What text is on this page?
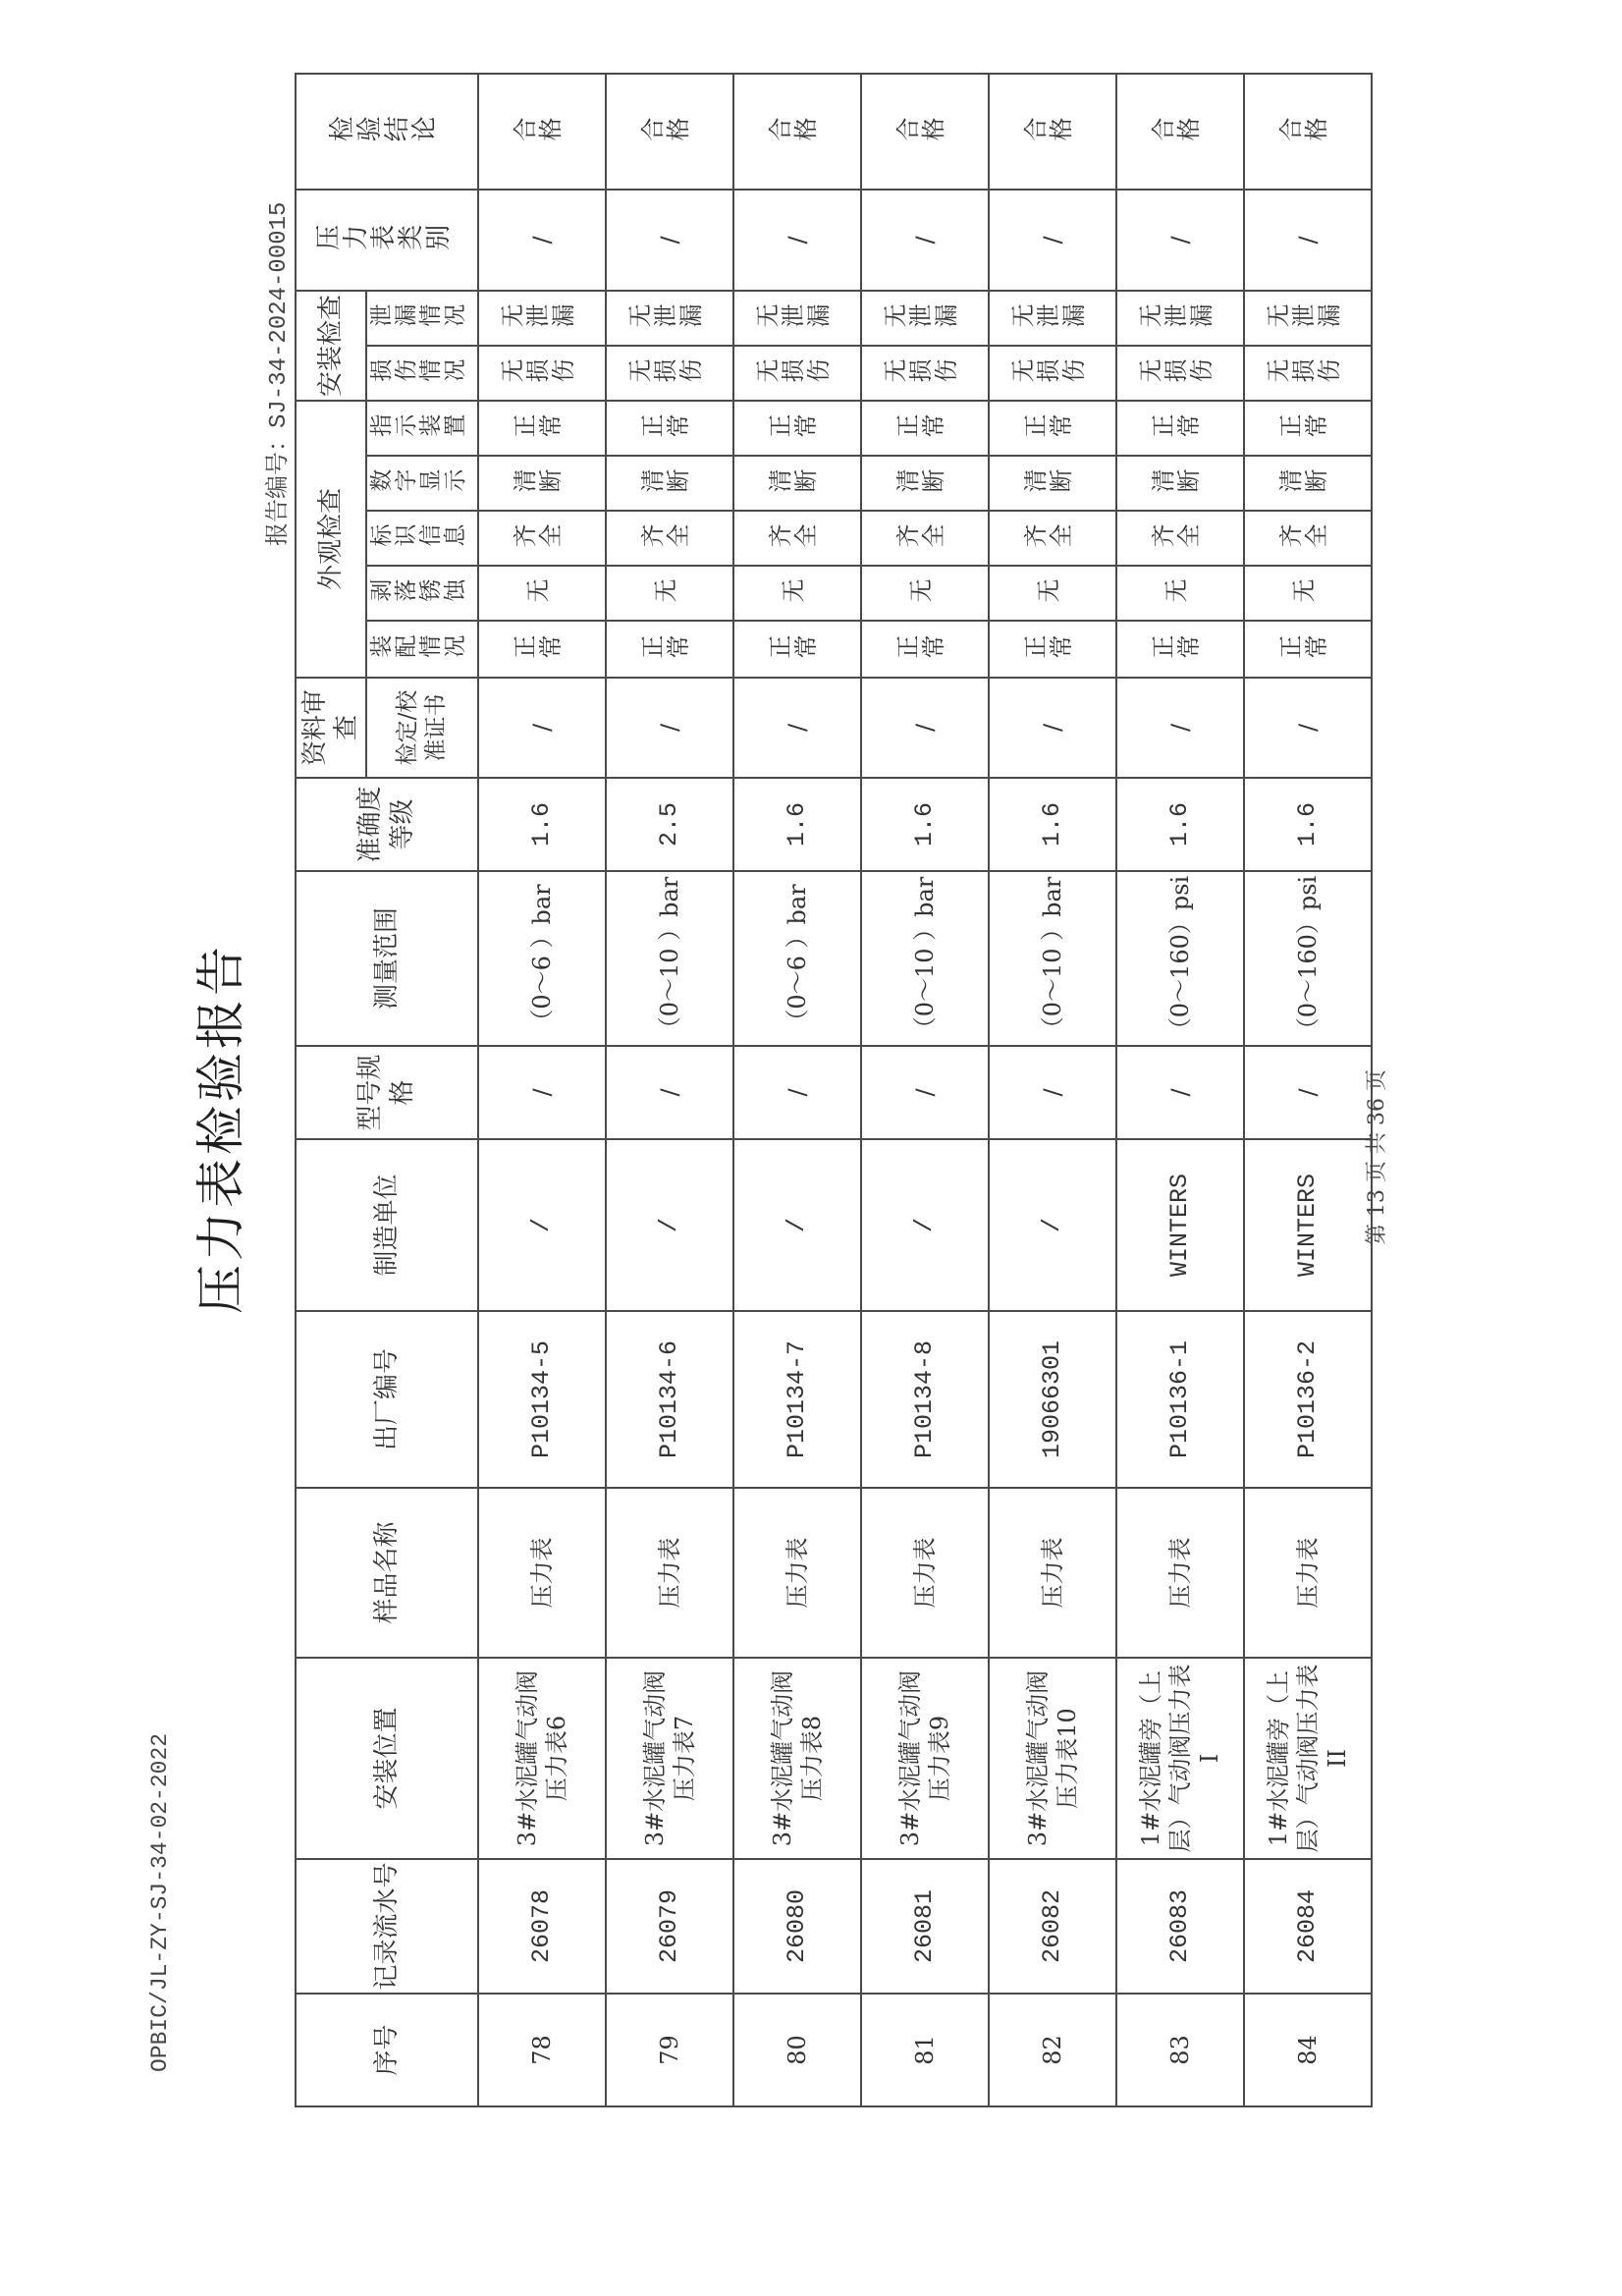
OPBIC/JL-ZY-SJ-34-02-2022
压力表检验报告
报告编号：SJ-34-2024-00015
序号	记录流水号	安装位置	样品名称	出厂编号	制造单位	型号规格	测量范围	准确度等级	资料审查	外观检查					安装检查		压力表类别	检验结论
									检定/校准证书	装配情况	剥落锈蚀	标识信息	数字显示	指示装置	损伤情况	泄漏情况		
78	26078	3#水泥罐气动阀压力表6	压力表	P10134-5	/	/	（0～6 ）bar	1.6	/	正常	无	齐全	清断	正常	无损伤	无泄漏	/	合格
79	26079	3#水泥罐气动阀压力表7	压力表	P10134-6	/	/	（0～10 ）bar	2.5	/	正常	无	齐全	清断	正常	无损伤	无泄漏	/	合格
80	26080	3#水泥罐气动阀压力表8	压力表	P10134-7	/	/	（0～6 ）bar	1.6	/	正常	无	齐全	清断	正常	无损伤	无泄漏	/	合格
81	26081	3#水泥罐气动阀压力表9	压力表	P10134-8	/	/	（0～10 ）bar	1.6	/	正常	无	齐全	清断	正常	无损伤	无泄漏	/	合格
82	26082	3#水泥罐气动阀压力表10	压力表	19066301	/	/	（0～10 ）bar	1.6	/	正常	无	齐全	清断	正常	无损伤	无泄漏	/	合格
83	26083	1#水泥罐旁（上层）气动阀压力表I	压力表	P10136-1	WINTERS	/	（0～160）psi	1.6	/	正常	无	齐全	清断	正常	无损伤	无泄漏	/	合格
84	26084	1#水泥罐旁（上层）气动阀压力表II	压力表	P10136-2	WINTERS	/	（0～160）psi	1.6	/	正常	无	齐全	清断	正常	无损伤	无泄漏	/	合格
第 13 页 共 36 页
